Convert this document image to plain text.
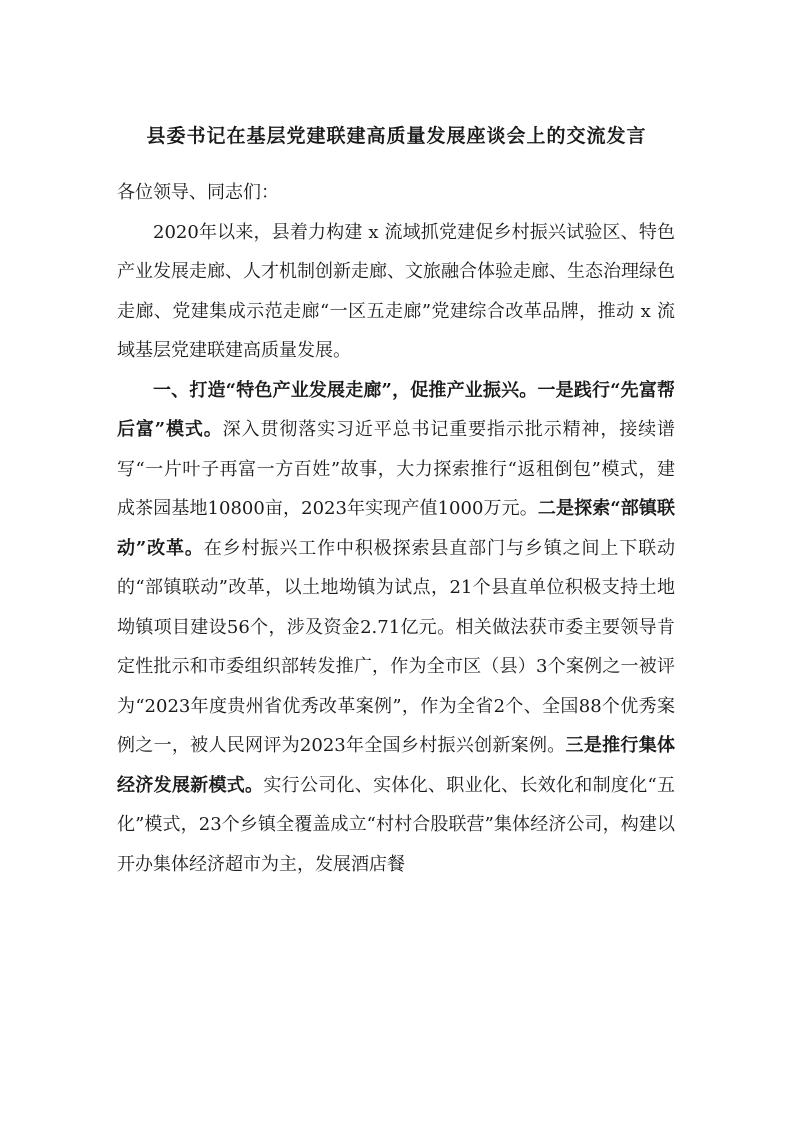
县委书记在基层党建联建高质量发展座谈会上的交流发言

各位领导、同志们：

2020年以来，县着力构建 x 流域抓党建促乡村振兴试验区、特色产业发展走廊、人才机制创新走廊、文旅融合体验走廊、生态治理绿色走廊、党建集成示范走廊“一区五走廊”党建综合改革品牌，推动 x 流域基层党建联建高质量发展。

一、打造“特色产业发展走廊”，促推产业振兴。一是践行“先富帮后富”模式。深入贯彻落实习近平总书记重要指示批示精神，接续谱写“一片叶子再富一方百姓”故事，大力探索推行“返租倒包”模式，建成茶园基地10800亩，2023年实现产值1000万元。二是探索“部镇联动”改革。在乡村振兴工作中积极探索县直部门与乡镇之间上下联动的“部镇联动”改革，以土地坳镇为试点，21个县直单位积极支持土地坳镇项目建设56个，涉及资金2.71亿元。相关做法获市委主要领导肯定性批示和市委组织部转发推广，作为全市区（县）3个案例之一被评为“2023年度贵州省优秀改革案例”，作为全省2个、全国88个优秀案例之一，被人民网评为2023年全国乡村振兴创新案例。三是推行集体经济发展新模式。实行公司化、实体化、职业化、长效化和制度化“五化”模式，23个乡镇全覆盖成立“村村合股联营”集体经济公司，构建以开办集体经济超市为主，发展酒店餐
